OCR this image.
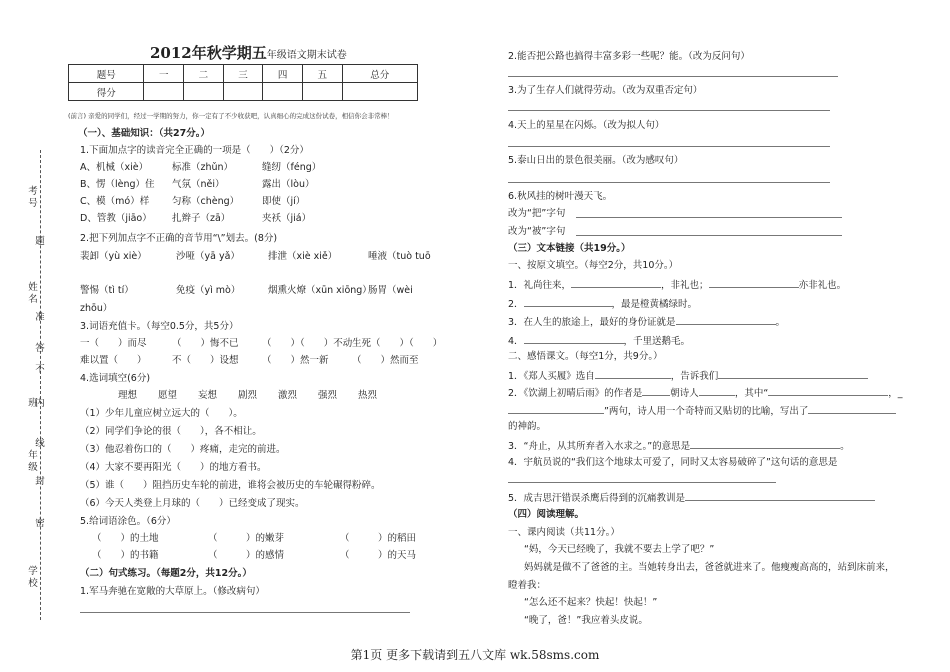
考号
题
姓名
准
答
不
班
内
年级
封
线
密
学校
2012年秋学期五年级语文期末试卷
题号	一	二	三	四	五	总分
得分						
(前言) 亲爱的同学们，经过一学期的努力，你一定有了不少收获吧，认真细心的完成这份试卷，相信你会非常棒！
（一）、基础知识：（共27分。）
1.下面加点字的读音完全正确的一项是（　　）（2分）
A、机械（xiè）	标准（zhǔn）	缝纫（féng）
B、愣（lèng）住 气氛（něi）	露出（lòu）
C、模（mó）样 匀称（chèng） 即使（jí）
D、管教（jiāo） 扎辫子（zā）	夹袄（jiá）
2.把下列加点字不正确的音节用“\”划去。(8分)
裴卸（yù xiè）	沙哑（yā yǎ）	排泄（xiè xiě）	唾液（tuò tuō
警惕（tì tí）	免疫（yì mò）	烟熏火燎（xūn xiōng）
肠胃（wèi
zhōu）
3.词语充值卡。（每空0.5分，共5分）
一（　　）而尽	（　　）悔不已 （　　）（　　）不动 生死（　　）（　　）
难以置（　　）	不（　　）设想 （　　）然一新 （　　）然而至
4.选词填空(6分)
理想 愿望 妄想 剧烈 激烈 强烈 热烈
（1）少年儿童应树立远大的（　　）。
（2）同学们争论的很（　　），各不相让。
（3）他忍着伤口的（　　）疼痛，走完的前进。
（4）大家不要再阳光（　　）的地方看书。
（5）谁（　　）阻挡历史车轮的前进，谁将会被历史的车轮碾得粉碎。
（6）今天人类登上月球的（　　）已经变成了现实。
5.给词语涂色。（6分）
（　　）的土地	（　　　）的嫩芽	（　　　）的稻田
（　　）的书籍	（　　　）的感情	（　　　）的天马
（二）句式练习。（每题2分，共12分。）
1.军马奔驰在宽敞的大草原上。（修改病句）
2.能否把公路也搞得丰富多彩一些呢？能。（改为反问句）
3.为了生存人们就得劳动。（改为双重否定句）
4.天上的星星在闪烁。（改为拟人句）
5.泰山日出的景色很美丽。（改为感叹句）
6.秋风挂的树叶漫天飞。
改为“把”字句
改为“被”字句
（三）文本链接（共19分。）
一、按原文填空。（每空2分，共10分。）
1．礼尚往来，	，非礼也；	亦非礼也。
2．	，最是橙黄橘绿时。
3．在人生的旅途上，最好的身份证就是	。
4．	，千里送鹅毛。
二、感悟课文。（每空1分，共9分。）
1．《郑人买履》选自	，告诉我们
2．《饮湖上初晴后雨》的作者是	朝诗人	，其中“	，_
”两句，诗人用一个奇特而又贴切的比喻，写出了
的神韵。
3．“舟止，从其所弃者入水求之。”的意思是	。
4．宇航员说的“我们这个地球太可爱了，同时又太容易破碎了”这句话的意思是
5．成吉思汗错误杀鹰后得到的沉痛教训是
（四）阅读理解。
一、课内阅读（共11分。）
“妈，今天已经晚了，我就不要去上学了吧？”
妈妈就是做不了爸爸的主。当她转身出去，爸爸就进来了。他瘦瘦高高的，站到床前来，
瞪着我：
“怎么还不起来？快起！快起！”
“晚了，爸！”我应着头皮说。
第1页 更多下载请到五八文库 wk.58sms.com
